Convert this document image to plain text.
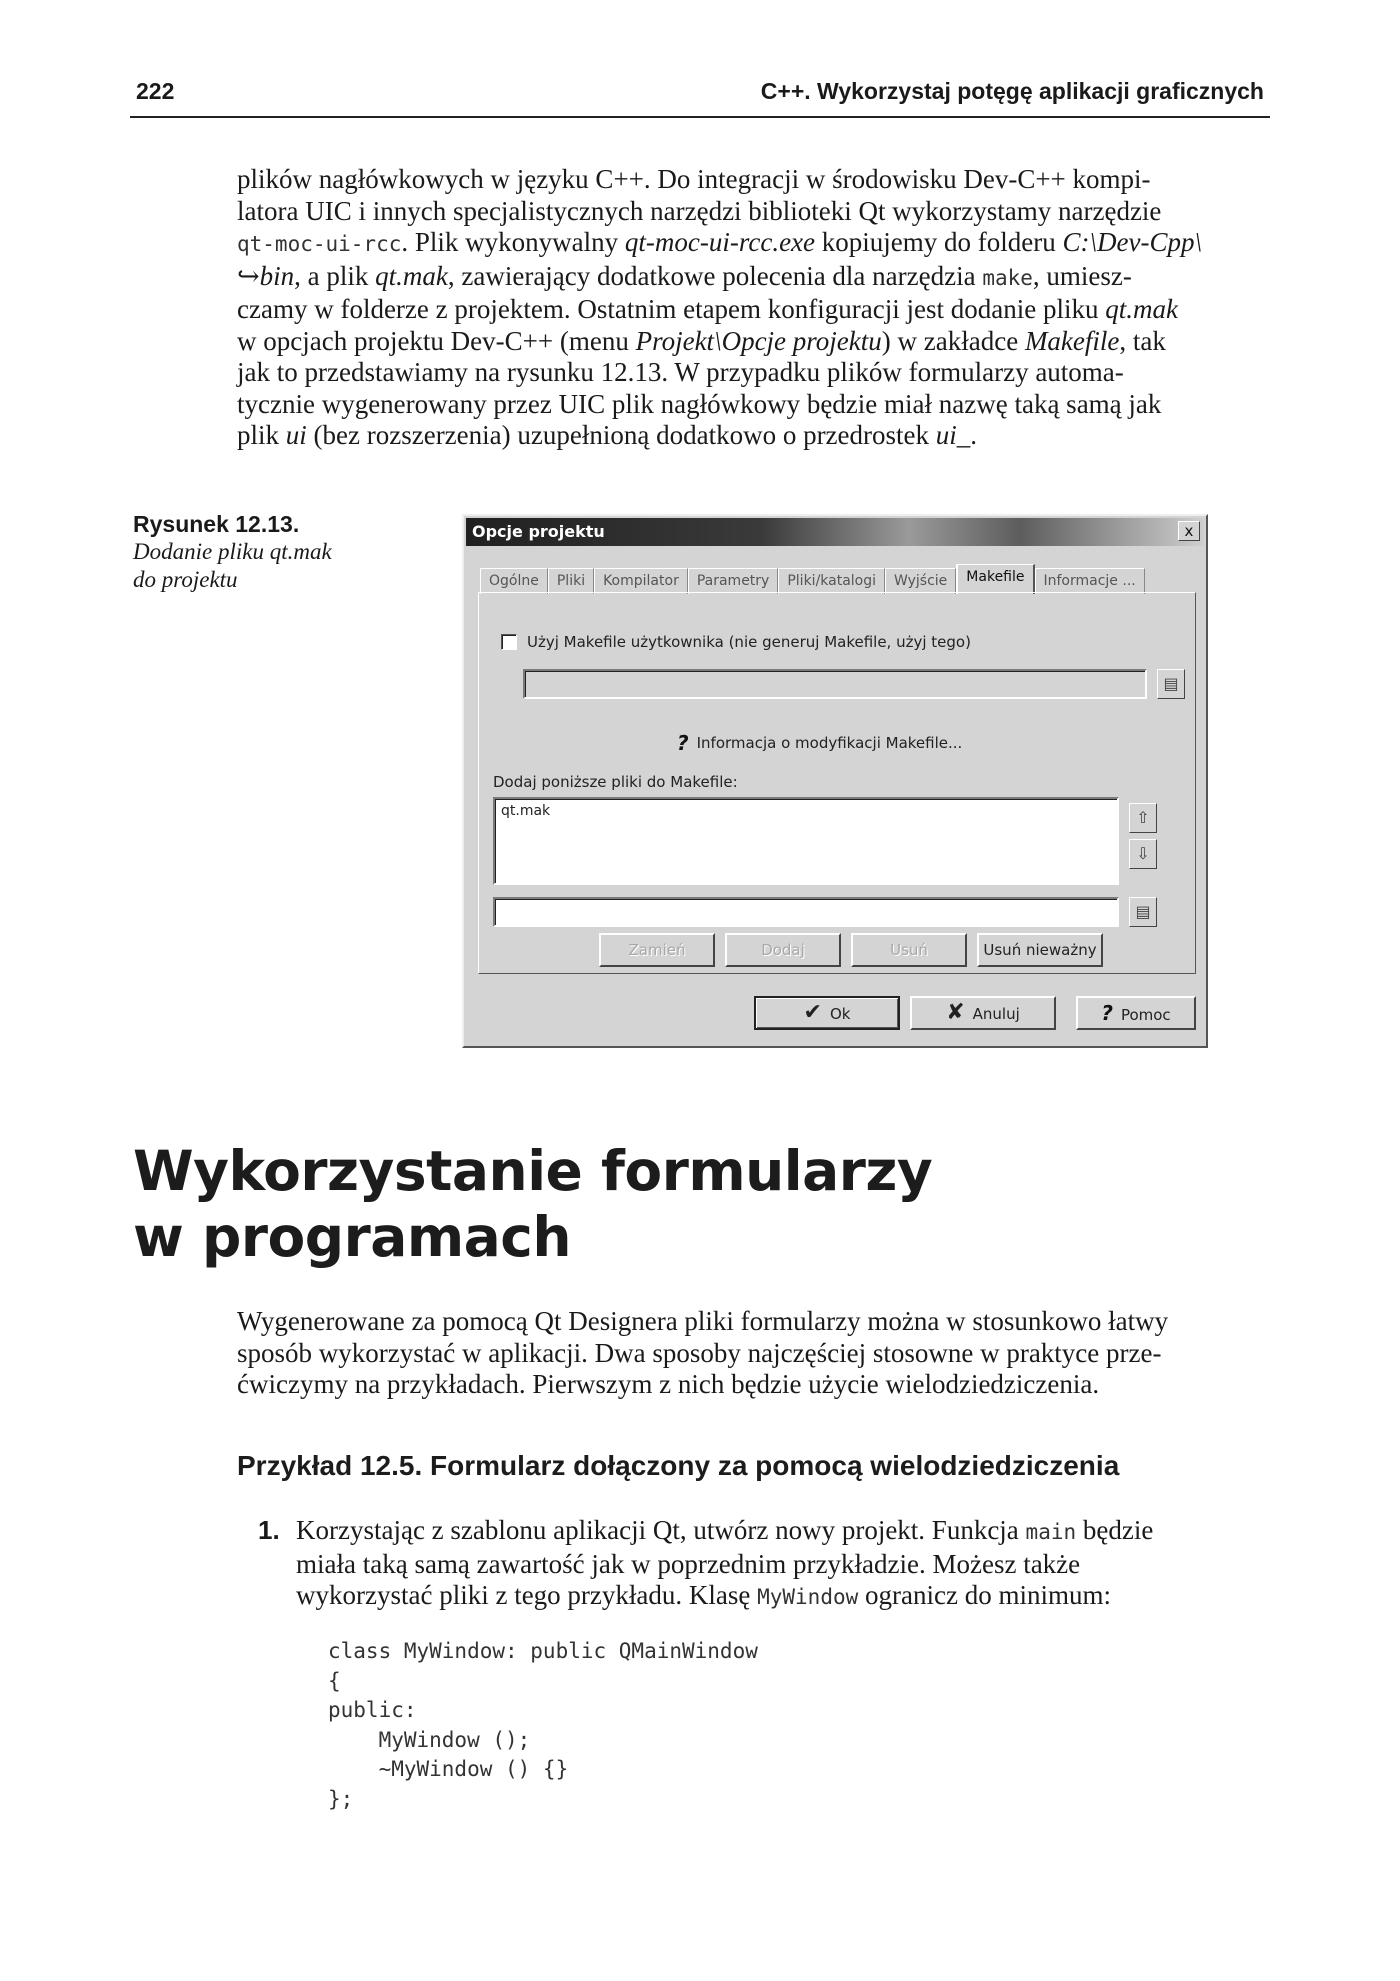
222	C++. Wykorzystaj potęgę aplikacji graficznych

plików nagłówkowych w języku C++. Do integracji w środowisku Dev-C++ kompi-

latora UIC i innych specjalistycznych narzędzi biblioteki Qt wykorzystamy narzędzie

qt-moc-ui-rcc. Plik wykonywalny qt-moc-ui-rcc.exe kopiujemy do folderu C:\Dev-Cpp\

↪bin, a plik qt.mak, zawierający dodatkowe polecenia dla narzędzia make, umiesz-

czamy w folderze z projektem. Ostatnim etapem konfiguracji jest dodanie pliku qt.mak

w opcjach projektu Dev-C++ (menu Projekt\Opcje projektu) w zakładce Makefile, tak

jak to przedstawiamy na rysunku 12.13. W przypadku plików formularzy automa-

tycznie wygenerowany przez UIC plik nagłówkowy będzie miał nazwę taką samą jak

plik ui (bez rozszerzenia) uzupełnioną dodatkowo o przedrostek ui_.

Rysunek 12.13.
Dodanie pliku qt.mak
do projektu
Opcje projektu	x
Ogólne	Pliki	Kompilator	Parametry	Pliki/katalogi	Wyjście	Makefile	Informacje ...
Użyj Makefile użytkownika (nie generuj Makefile, użyj tego)
▤
? Informacja o modyfikacji Makefile...
Dodaj poniższe pliki do Makefile:
qt.mak	⇧
⇩
▤
Zamień	Dodaj	Usuń	Usuń nieważny
✔ Ok	✘ Anuluj	? Pomoc
Wykorzystanie formularzy
w programach

Wygenerowane za pomocą Qt Designera pliki formularzy można w stosunkowo łatwy

sposób wykorzystać w aplikacji. Dwa sposoby najczęściej stosowne w praktyce prze-

ćwiczymy na przykładach. Pierwszym z nich będzie użycie wielodziedziczenia.

Przykład 12.5. Formularz dołączony za pomocą wielodziedziczenia
1. Korzystając z szablonu aplikacji Qt, utwórz nowy projekt. Funkcja main będzie

miała taką samą zawartość jak w poprzednim przykładzie. Możesz także

wykorzystać pliki z tego przykładu. Klasę MyWindow ogranicz do minimum:

class MyWindow: public QMainWindow
{
public:
MyWindow ();
~MyWindow () {}
};
